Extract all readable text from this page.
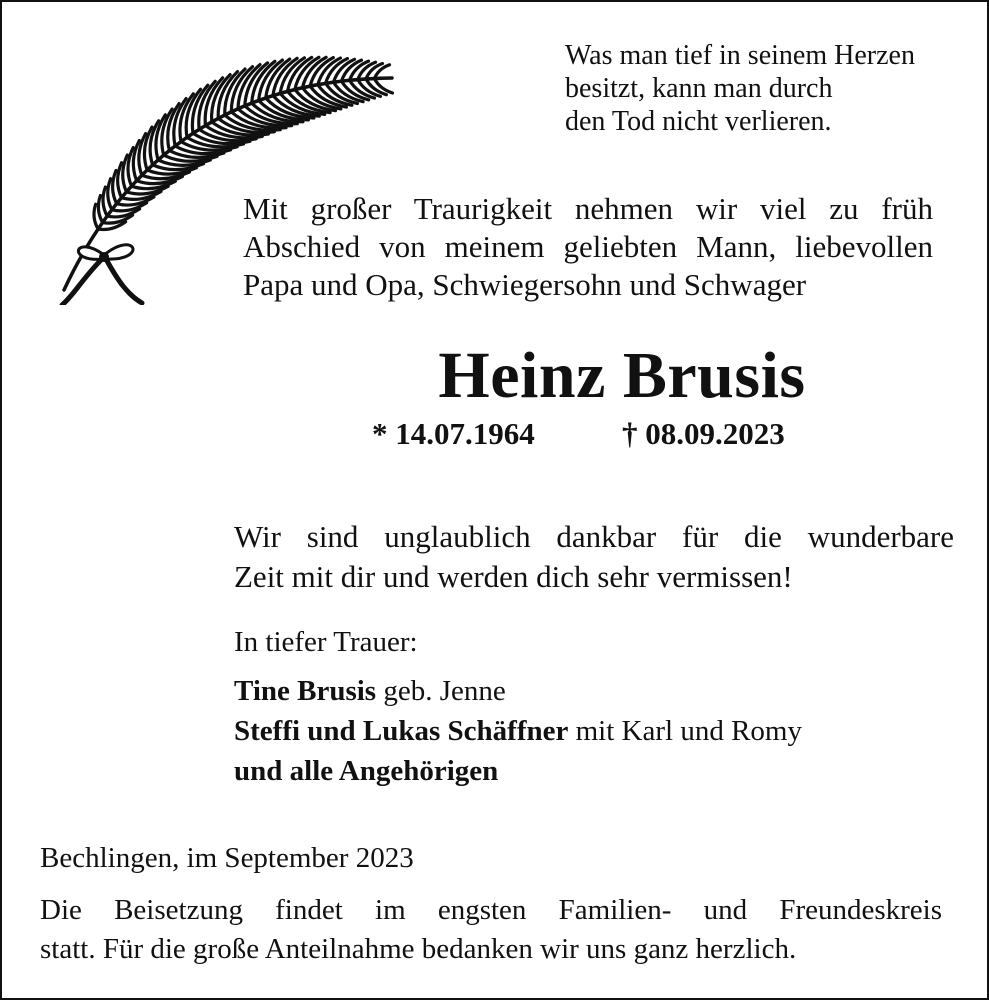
Was man tief in seinem Herzen
besitzt, kann man durch
den Tod nicht verlieren.

Mit großer Traurigkeit nehmen wir viel zu früh
Abschied von meinem geliebten Mann, liebevollen
Papa und Opa, Schwiegersohn und Schwager

Heinz Brusis
* 14.07.1964	† 08.09.2023

Wir sind unglaublich dankbar für die wunderbare
Zeit mit dir und werden dich sehr vermissen!

In tiefer Trauer:
Tine Brusis geb. Jenne
Steffi und Lukas Schäffner mit Karl und Romy
und alle Angehörigen
Bechlingen, im September 2023

Die Beisetzung findet im engsten Familien- und Freundeskreis
statt. Für die große Anteilnahme bedanken wir uns ganz herzlich.
